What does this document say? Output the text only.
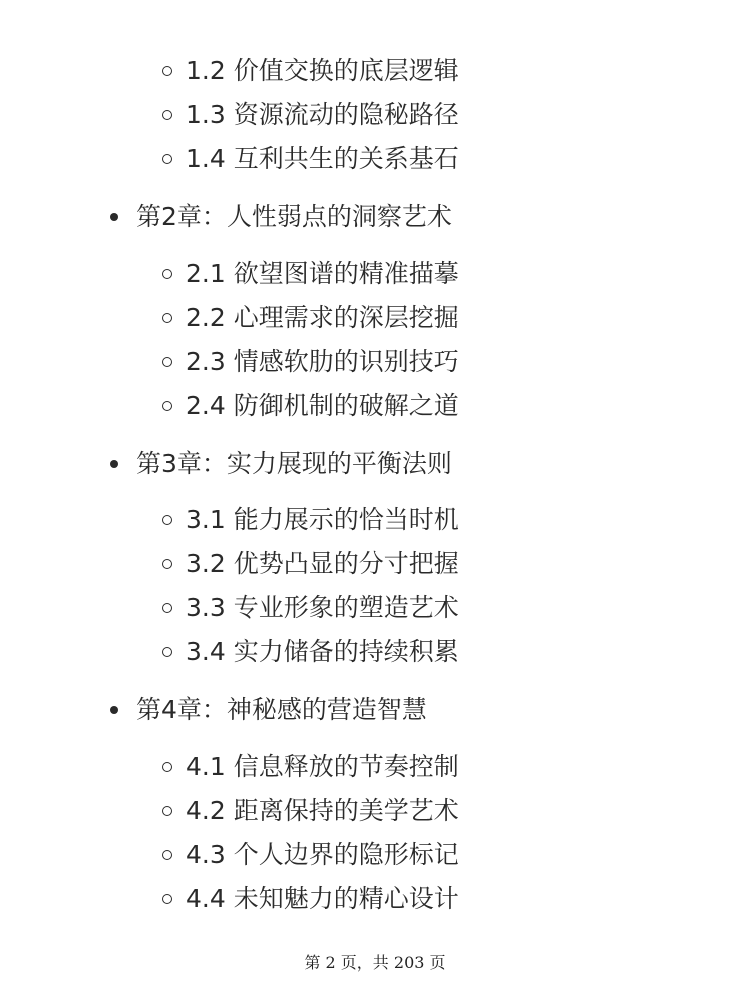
1.2 价值交换的底层逻辑
1.3 资源流动的隐秘路径
1.4 互利共生的关系基石
第2章：人性弱点的洞察艺术
2.1 欲望图谱的精准描摹
2.2 心理需求的深层挖掘
2.3 情感软肋的识别技巧
2.4 防御机制的破解之道
第3章：实力展现的平衡法则
3.1 能力展示的恰当时机
3.2 优势凸显的分寸把握
3.3 专业形象的塑造艺术
3.4 实力储备的持续积累
第4章：神秘感的营造智慧
4.1 信息释放的节奏控制
4.2 距离保持的美学艺术
4.3 个人边界的隐形标记
4.4 未知魅力的精心设计
第 2 页，共 203 页
